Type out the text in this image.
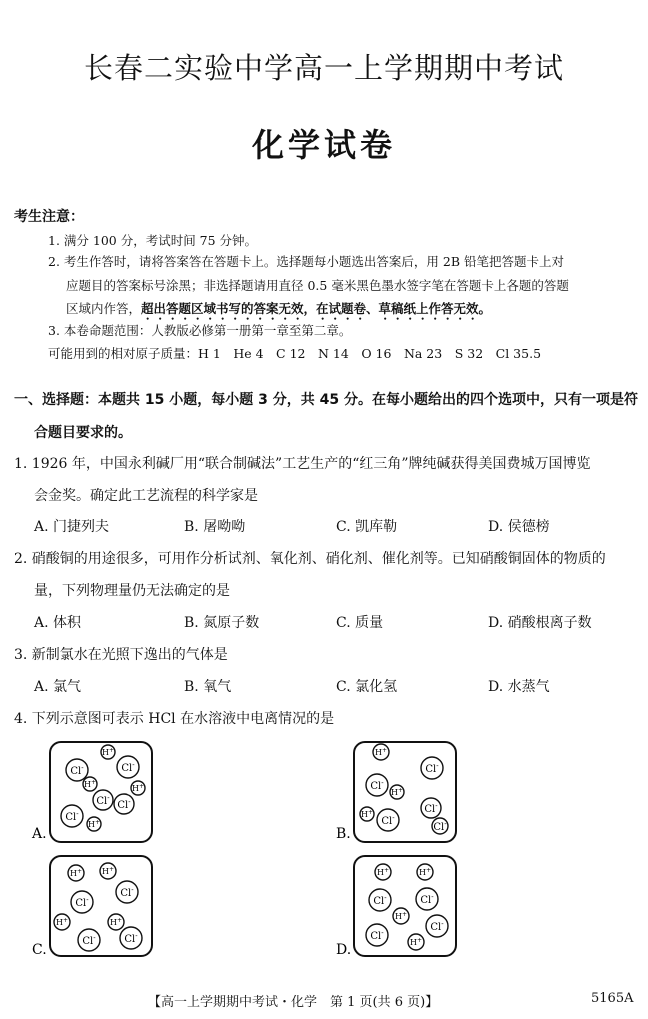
长春二实验中学高一上学期期中考试
化学试卷
考生注意：
1. 满分 100 分，考试时间 75 分钟。
2. 考生作答时，请将答案答在答题卡上。选择题每小题选出答案后，用 2B 铅笔把答题卡上对
应题目的答案标号涂黑；非选择题请用直径 0.5 毫米黑色墨水签字笔在答题卡上各题的答题
区域内作答，超出答题区域书写的答案无效，在试题卷、草稿纸上作答无效。
3. 本卷命题范围：人教版必修第一册第一章至第二章。
可能用到的相对原子质量：H 1　He 4　C 12　N 14　O 16　Na 23　S 32　Cl 35.5
一、选择题：本题共 15 小题，每小题 3 分，共 45 分。在每小题给出的四个选项中，只有一项是符
合题目要求的。
1. 1926 年，中国永利碱厂用“联合制碱法”工艺生产的“红三角”牌纯碱获得美国费城万国博览
会金奖。确定此工艺流程的科学家是
A. 门捷列夫	B. 屠呦呦	C. 凯库勒	D. 侯德榜
2. 硝酸铜的用途很多，可用作分析试剂、氧化剂、硝化剂、催化剂等。已知硝酸铜固体的物质的
量，下列物理量仍无法确定的是
A. 体积	B. 氮原子数	C. 质量	D. 硝酸根离子数
3. 新制氯水在光照下逸出的气体是
A. 氯气	B. 氧气	C. 氯化氢	D. 水蒸气
4. 下列示意图可表示 HCl 在水溶液中电离情况的是
A.
Cl-
H+
Cl-
H+
Cl-
H+
Cl-
Cl-
H+
B.
H+
Cl-
Cl-
H+
Cl-
H+
Cl-
Cl-
C.
H+ H+
Cl-
Cl-
H+	H+
Cl-	Cl-
D.
H+	H+
Cl-	Cl-
H+
Cl-
Cl-
H+
【高一上学期期中考试・化学　第 1 页(共 6 页)】	5165A
